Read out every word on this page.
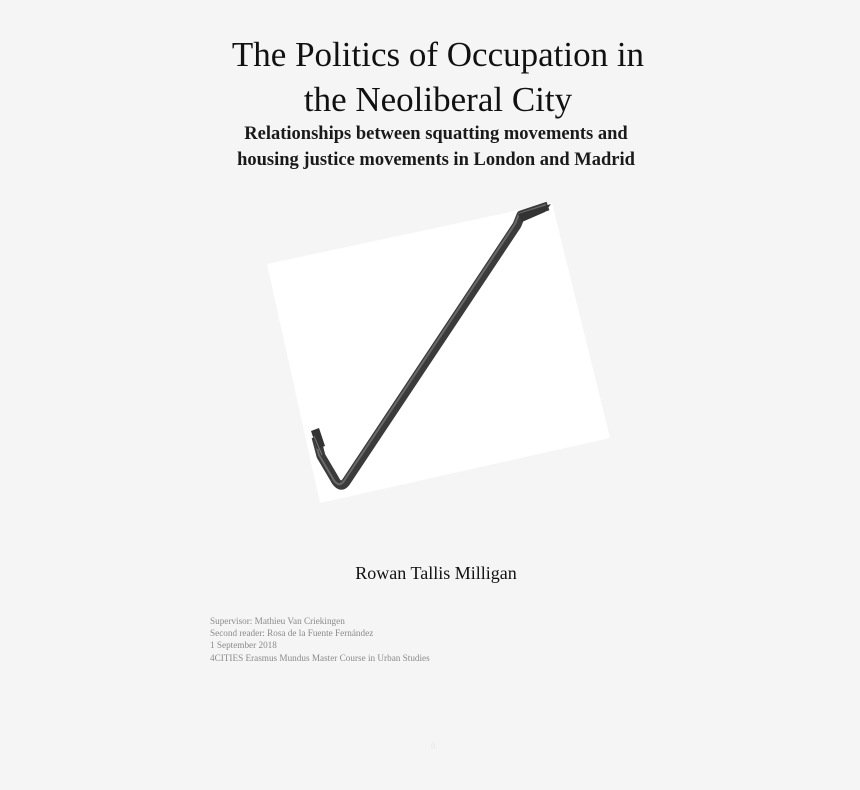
The Politics of Occupation in
the Neoliberal City
Relationships between squatting movements and
housing justice movements in London and Madrid
Rowan Tallis Milligan
Supervisor: Mathieu Van Criekingen
Second reader: Rosa de la Fuente Fernández
1 September 2018
4CITIES Erasmus Mundus Master Course in Urban Studies
0
